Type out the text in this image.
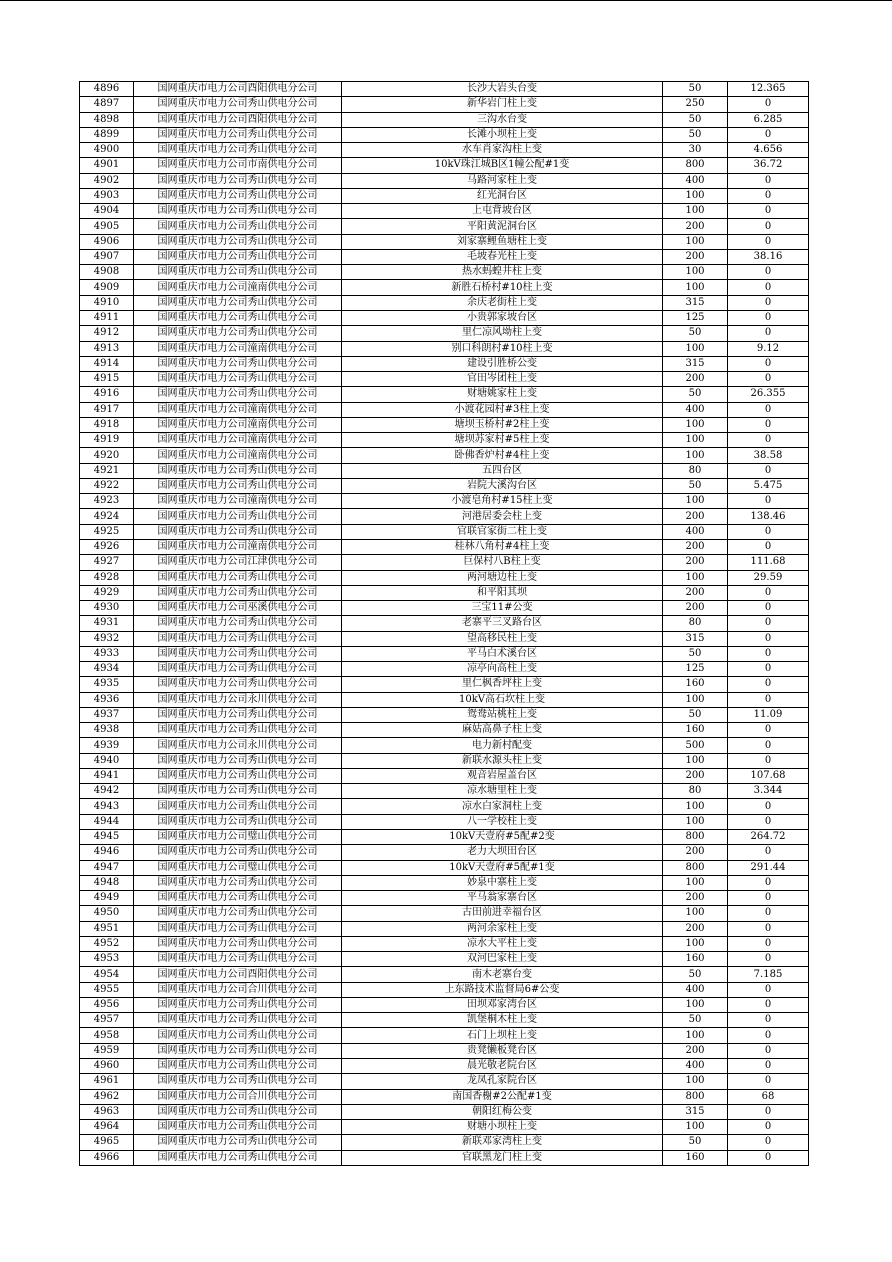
4896	国网重庆市电力公司酉阳供电分公司	长沙大岩头台变	50	12.365
4897	国网重庆市电力公司秀山供电分公司	新华岩门柱上变	250	0
4898	国网重庆市电力公司酉阳供电分公司	三沟水台变	50	6.285
4899	国网重庆市电力公司秀山供电分公司	长滩小坝柱上变	50	0
4900	国网重庆市电力公司秀山供电分公司	水车肖家沟柱上变	30	4.656
4901	国网重庆市电力公司市南供电分公司	10kV珠江城B区1幢公配#1变	800	36.72
4902	国网重庆市电力公司秀山供电分公司	马路河家柱上变	400	0
4903	国网重庆市电力公司秀山供电分公司	红光洞台区	100	0
4904	国网重庆市电力公司秀山供电分公司	上屯背坡台区	100	0
4905	国网重庆市电力公司秀山供电分公司	平阳黄泥洞台区	200	0
4906	国网重庆市电力公司秀山供电分公司	刘家寨鲤鱼塘柱上变	100	0
4907	国网重庆市电力公司秀山供电分公司	毛坡春光柱上变	200	38.16
4908	国网重庆市电力公司秀山供电分公司	热水蚂蝗井柱上变	100	0
4909	国网重庆市电力公司潼南供电分公司	新胜石桥村#10柱上变	100	0
4910	国网重庆市电力公司秀山供电分公司	余庆老街柱上变	315	0
4911	国网重庆市电力公司秀山供电分公司	小贵郭家坡台区	125	0
4912	国网重庆市电力公司秀山供电分公司	里仁凉风坳柱上变	50	0
4913	国网重庆市电力公司潼南供电分公司	别口科朗村#10柱上变	100	9.12
4914	国网重庆市电力公司秀山供电分公司	建设引胜桥公变	315	0
4915	国网重庆市电力公司秀山供电分公司	官田岑团柱上变	200	0
4916	国网重庆市电力公司秀山供电分公司	财塘姚家柱上变	50	26.355
4917	国网重庆市电力公司潼南供电分公司	小渡花园村#3柱上变	400	0
4918	国网重庆市电力公司潼南供电分公司	塘坝玉桥村#2柱上变	100	0
4919	国网重庆市电力公司潼南供电分公司	塘坝苏家村#5柱上变	100	0
4920	国网重庆市电力公司潼南供电分公司	卧佛香炉村#4柱上变	100	38.58
4921	国网重庆市电力公司秀山供电分公司	五四台区	80	0
4922	国网重庆市电力公司秀山供电分公司	岩院大溪沟台区	50	5.475
4923	国网重庆市电力公司潼南供电分公司	小渡皂角村#15柱上变	100	0
4924	国网重庆市电力公司秀山供电分公司	河港居委会柱上变	200	138.46
4925	国网重庆市电力公司秀山供电分公司	官联官家街二柱上变	400	0
4926	国网重庆市电力公司潼南供电分公司	桂林八角村#4柱上变	200	0
4927	国网重庆市电力公司江津供电分公司	巨保村八B柱上变	200	111.68
4928	国网重庆市电力公司秀山供电分公司	两河塘边柱上变	100	29.59
4929	国网重庆市电力公司秀山供电分公司	和平阳其坝	200	0
4930	国网重庆市电力公司巫溪供电分公司	三宝11#公变	200	0
4931	国网重庆市电力公司秀山供电分公司	老寨平三叉路台区	80	0
4932	国网重庆市电力公司秀山供电分公司	望高移民柱上变	315	0
4933	国网重庆市电力公司秀山供电分公司	平马白术溪台区	50	0
4934	国网重庆市电力公司秀山供电分公司	凉亭向高柱上变	125	0
4935	国网重庆市电力公司秀山供电分公司	里仁枫香坪柱上变	160	0
4936	国网重庆市电力公司永川供电分公司	10kV高石坎柱上变	100	0
4937	国网重庆市电力公司秀山供电分公司	鸳鸯站桃柱上变	50	11.09
4938	国网重庆市电力公司秀山供电分公司	麻姑高鼻子柱上变	160	0
4939	国网重庆市电力公司永川供电分公司	电力新村配变	500	0
4940	国网重庆市电力公司秀山供电分公司	新联水源头柱上变	100	0
4941	国网重庆市电力公司秀山供电分公司	观音岩屋盖台区	200	107.68
4942	国网重庆市电力公司秀山供电分公司	凉水塘里柱上变	80	3.344
4943	国网重庆市电力公司秀山供电分公司	凉水白家洞柱上变	100	0
4944	国网重庆市电力公司秀山供电分公司	八一学校柱上变	100	0
4945	国网重庆市电力公司璧山供电分公司	10kV天壹府#5配#2变	800	264.72
4946	国网重庆市电力公司秀山供电分公司	老力大坝田台区	200	0
4947	国网重庆市电力公司璧山供电分公司	10kV天壹府#5配#1变	800	291.44
4948	国网重庆市电力公司秀山供电分公司	妙泉中寨柱上变	100	0
4949	国网重庆市电力公司秀山供电分公司	平马翁家寨台区	200	0
4950	国网重庆市电力公司秀山供电分公司	古田前进幸福台区	100	0
4951	国网重庆市电力公司秀山供电分公司	两河余家柱上变	200	0
4952	国网重庆市电力公司秀山供电分公司	凉水大平柱上变	100	0
4953	国网重庆市电力公司秀山供电分公司	双河巴家柱上变	160	0
4954	国网重庆市电力公司酉阳供电分公司	南木老寨台变	50	7.185
4955	国网重庆市电力公司合川供电分公司	上东路技术监督局6#公变	400	0
4956	国网重庆市电力公司秀山供电分公司	田坝邓家湾台区	100	0
4957	国网重庆市电力公司秀山供电分公司	凯堡桐木柱上变	50	0
4958	国网重庆市电力公司秀山供电分公司	石门上坝柱上变	100	0
4959	国网重庆市电力公司秀山供电分公司	贵凳懒板凳台区	200	0
4960	国网重庆市电力公司秀山供电分公司	晨光敬老院台区	400	0
4961	国网重庆市电力公司秀山供电分公司	龙凤孔家院台区	100	0
4962	国网重庆市电力公司合川供电分公司	南国香榭#2公配#1变	800	68
4963	国网重庆市电力公司秀山供电分公司	朝阳红梅公变	315	0
4964	国网重庆市电力公司秀山供电分公司	财塘小坝柱上变	100	0
4965	国网重庆市电力公司秀山供电分公司	新联邓家湾柱上变	50	0
4966	国网重庆市电力公司秀山供电分公司	官联黑龙门柱上变	160	0
